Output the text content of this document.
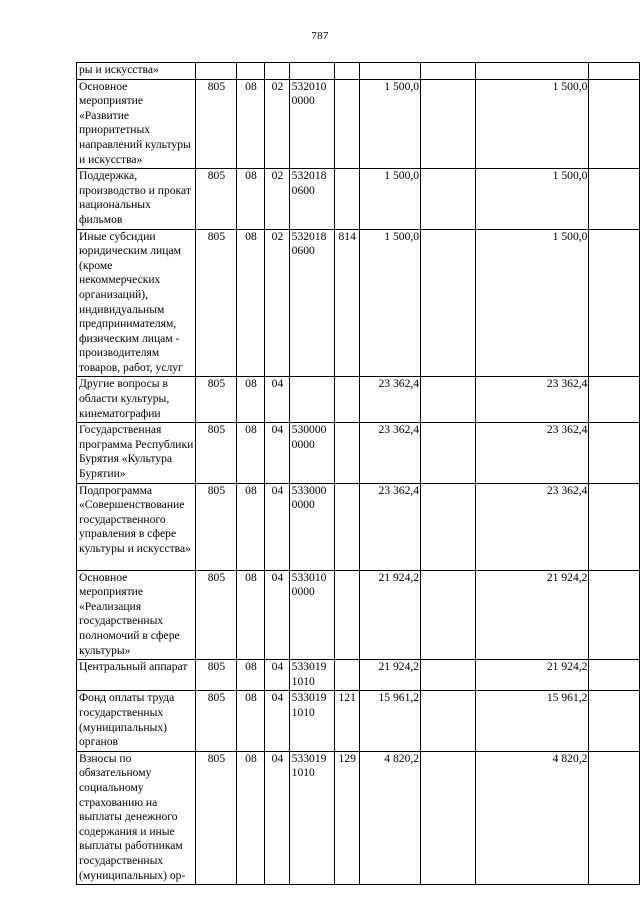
787
ры и искусства»									
Основное мероприятие «Развитие приоритетных направлений культуры и искусства»	805	08	02	532010 0000		1 500,0		1 500,0	
Поддержка, производство и прокат национальных фильмов	805	08	02	532018 0600		1 500,0		1 500,0	
Иные субсидии юридическим лицам (кроме некоммерческих организаций), индивидуальным предпринимателям, физическим лицам - производителям товаров, работ, услуг	805	08	02	532018 0600	814	1 500,0		1 500,0	
Другие вопросы в области культуры, кинематографии	805	08	04			23 362,4		23 362,4	
Государственная программа Республики Бурятия «Культура Бурятии»	805	08	04	530000 0000		23 362,4		23 362,4	
Подпрограмма «Совершенствование государственного управления в сфере культуры и искусства»	805	08	04	533000 0000		23 362,4		23 362,4	
Основное мероприятие «Реализация государственных полномочий в сфере культуры»	805	08	04	533010 0000		21 924,2		21 924,2	
Центральный аппарат	805	08	04	533019 1010		21 924,2		21 924,2	
Фонд оплаты труда государственных (муниципальных) органов	805	08	04	533019 1010	121	15 961,2		15 961,2	
Взносы по обязательному социальному страхованию на выплаты денежного содержания и иные выплаты работникам государственных (муниципальных) ор-	805	08	04	533019 1010	129	4 820,2		4 820,2	
